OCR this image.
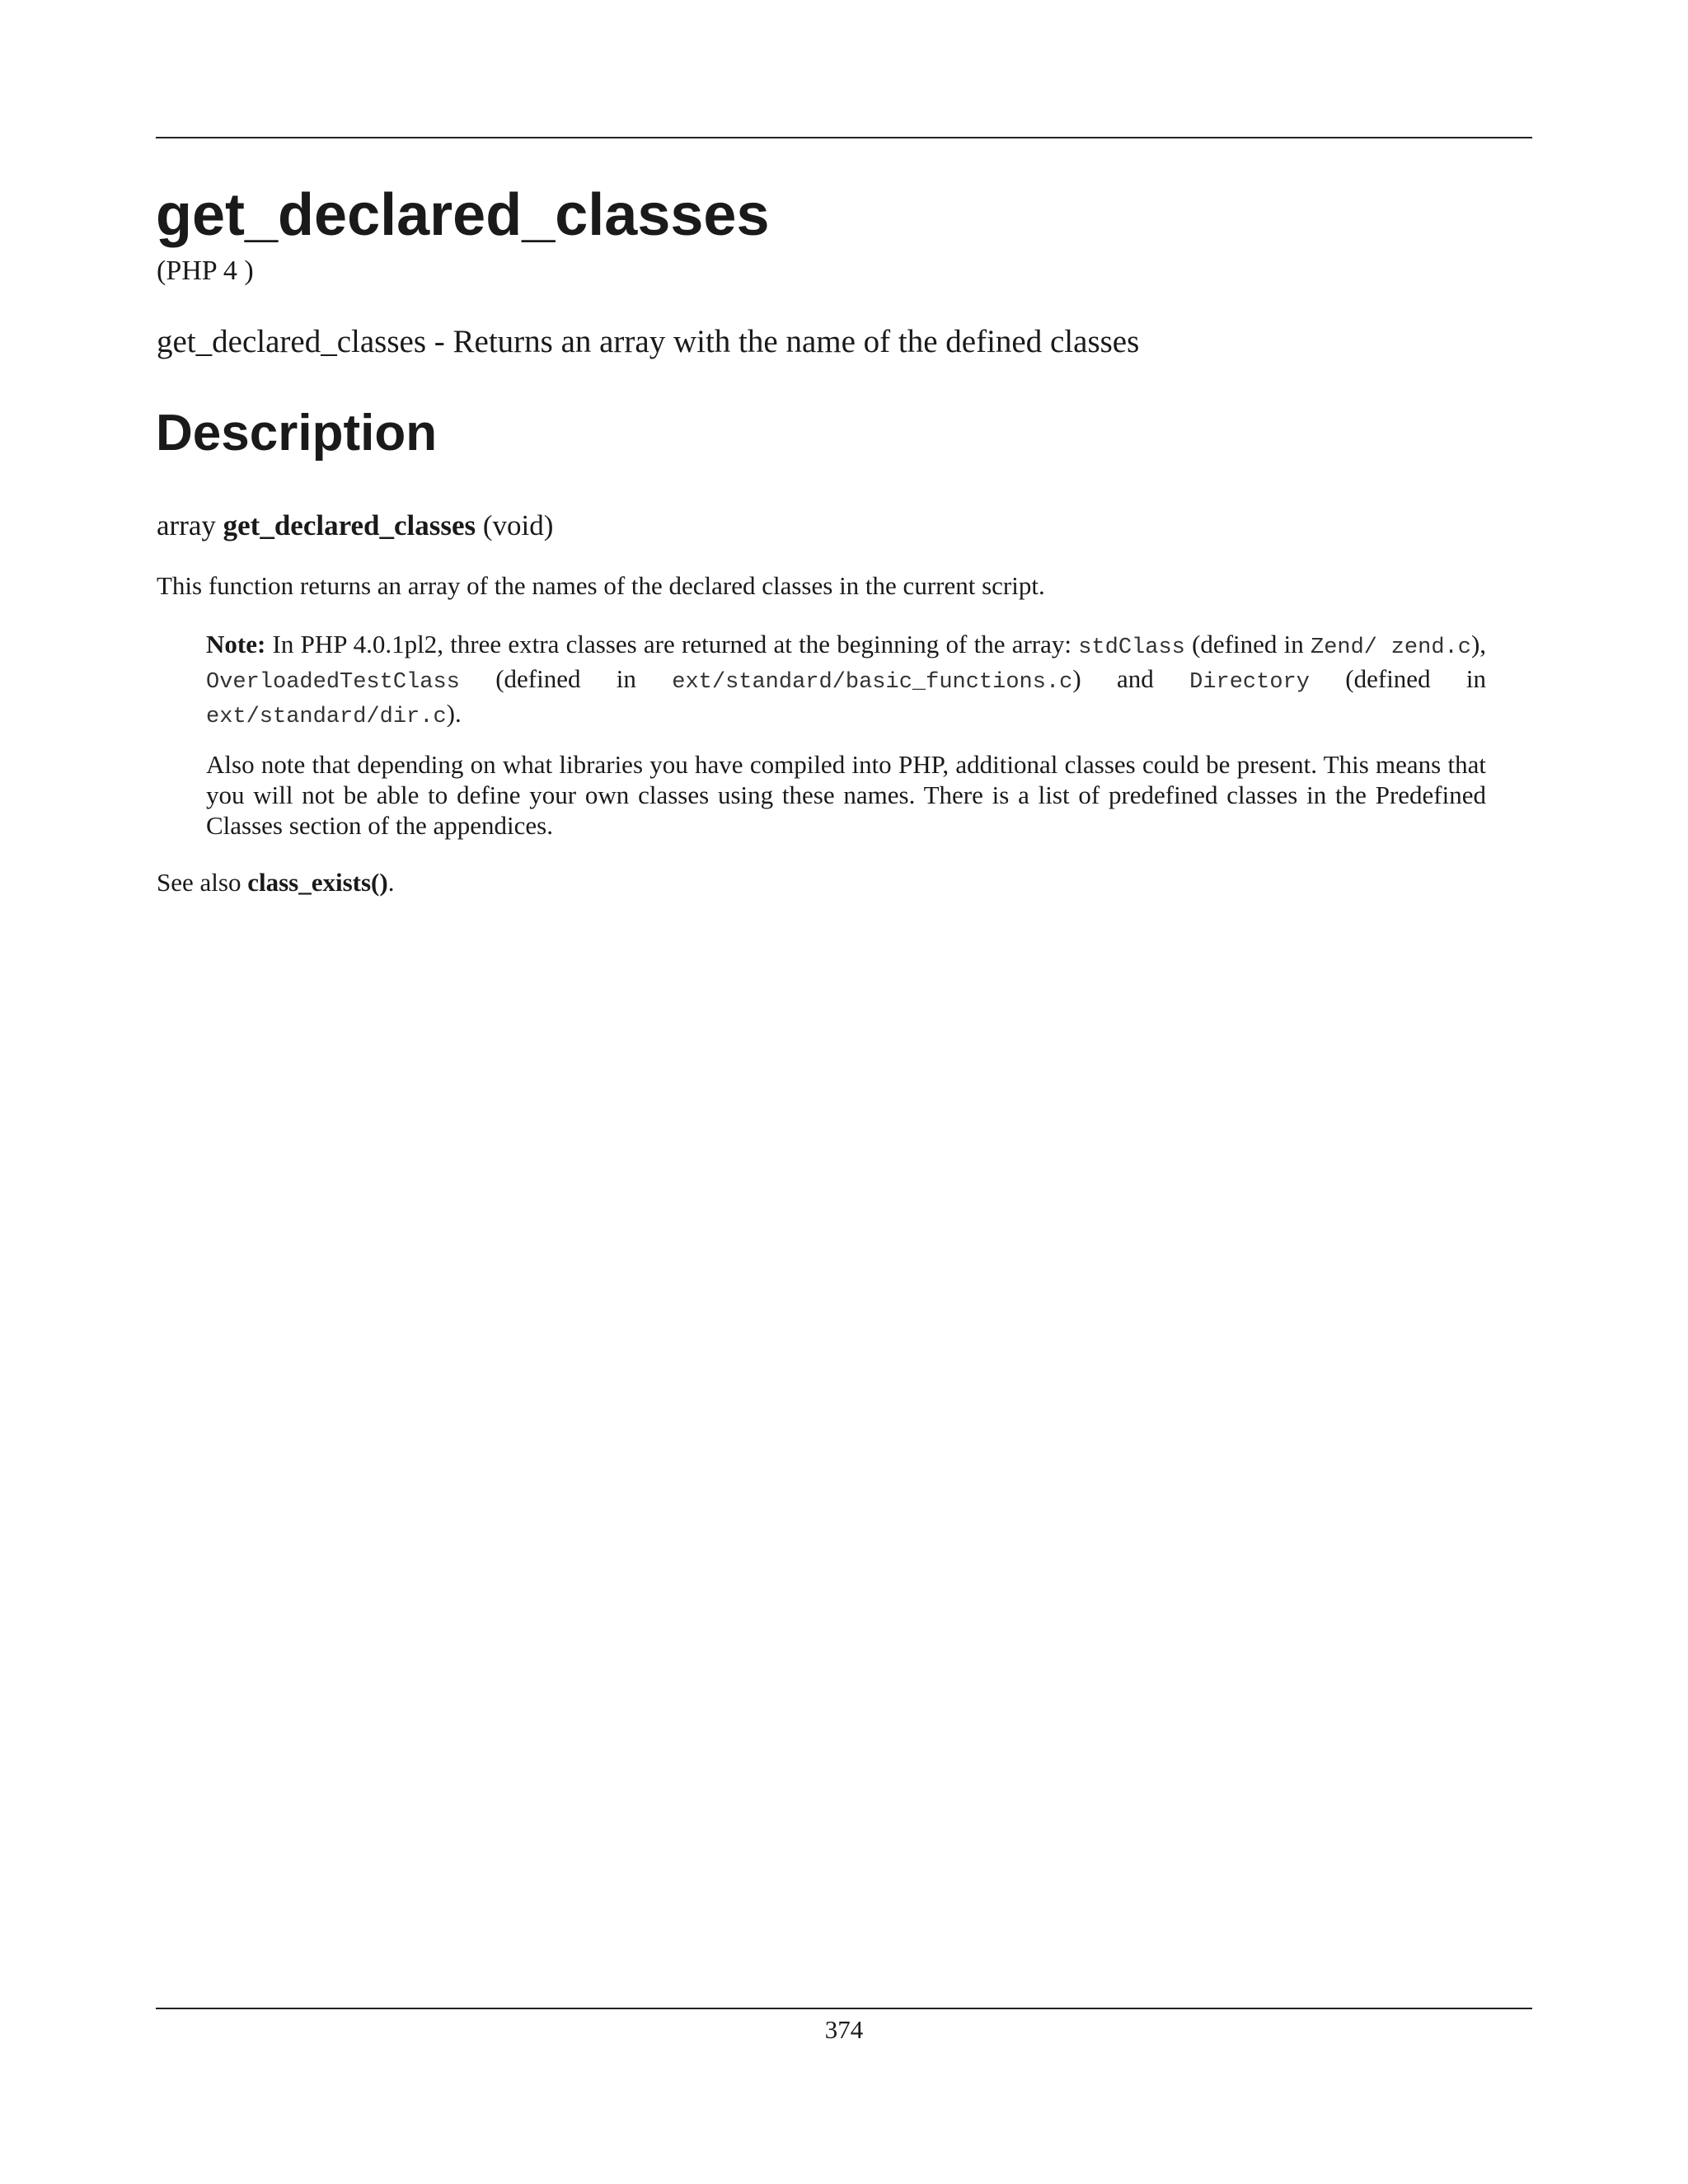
get_declared_classes
(PHP 4 )
get_declared_classes - Returns an array with the name of the defined classes
Description
array get_declared_classes (void)
This function returns an array of the names of the declared classes in the current script.
Note: In PHP 4.0.1pl2, three extra classes are returned at the beginning of the array: stdClass (defined in Zend/ zend.c), OverloadedTestClass (defined in ext/standard/basic_functions.c) and Directory (defined in ext/standard/dir.c).
Also note that depending on what libraries you have compiled into PHP, additional classes could be present. This means that you will not be able to define your own classes using these names. There is a list of predefined classes in the Predefined Classes section of the appendices.
See also class_exists().
374
